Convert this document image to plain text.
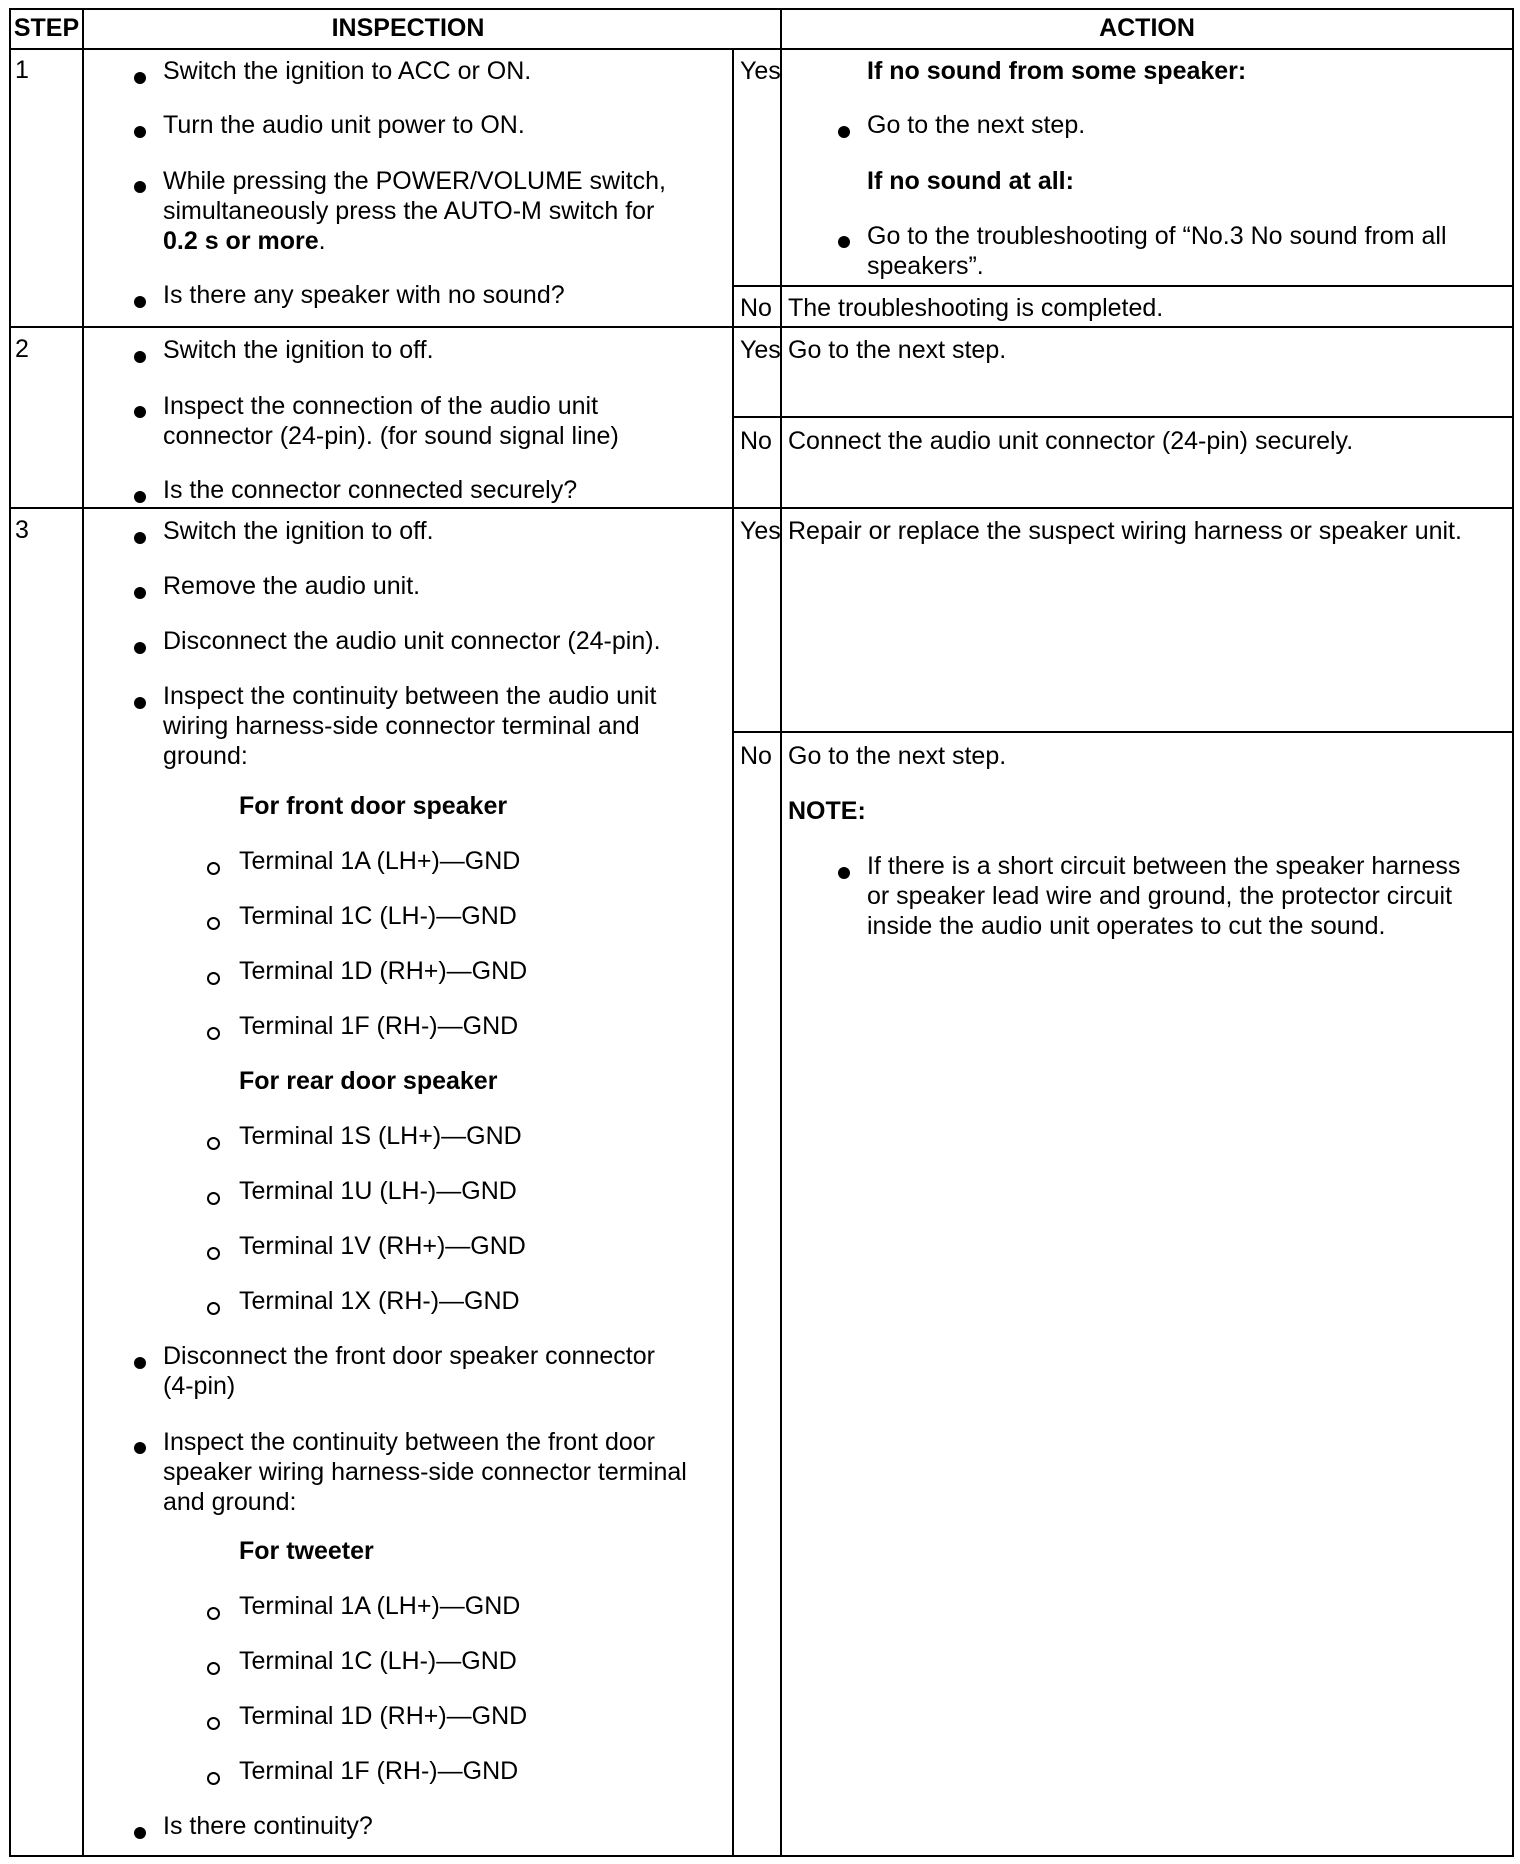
STEP	INSPECTION	ACTION
1	Switch the ignition to ACC or ON.
Turn the audio unit power to ON.
While pressing the POWER/VOLUME switch, simultaneously press the AUTO-M switch for 0.2 s or more.
Is there any speaker with no sound?
Yes	If no sound from some speaker:
Go to the next step.
If no sound at all:
Go to the troubleshooting of “No.3 No sound from all speakers”.
No The troubleshooting is completed.
2	Switch the ignition to off.
Inspect the connection of the audio unit connector (24-pin). (for sound signal line)
Is the connector connected securely?
Yes Go to the next step.
No Connect the audio unit connector (24-pin) securely.
3	Switch the ignition to off.
Remove the audio unit.
Disconnect the audio unit connector (24-pin).
Inspect the continuity between the audio unit wiring harness-side connector terminal and ground:
For front door speaker
Terminal 1A (LH+)—GND
Terminal 1C (LH-)—GND
Terminal 1D (RH+)—GND
Terminal 1F (RH-)—GND
For rear door speaker
Terminal 1S (LH+)—GND
Terminal 1U (LH-)—GND
Terminal 1V (RH+)—GND
Terminal 1X (RH-)—GND
Disconnect the front door speaker connector (4-pin)
Inspect the continuity between the front door speaker wiring harness-side connector terminal and ground:
For tweeter
Terminal 1A (LH+)—GND
Terminal 1C (LH-)—GND
Terminal 1D (RH+)—GND
Terminal 1F (RH-)—GND
Is there continuity?
Yes Repair or replace the suspect wiring harness or speaker unit.
No Go to the next step.
NOTE:
If there is a short circuit between the speaker harness or speaker lead wire and ground, the protector circuit inside the audio unit operates to cut the sound.
